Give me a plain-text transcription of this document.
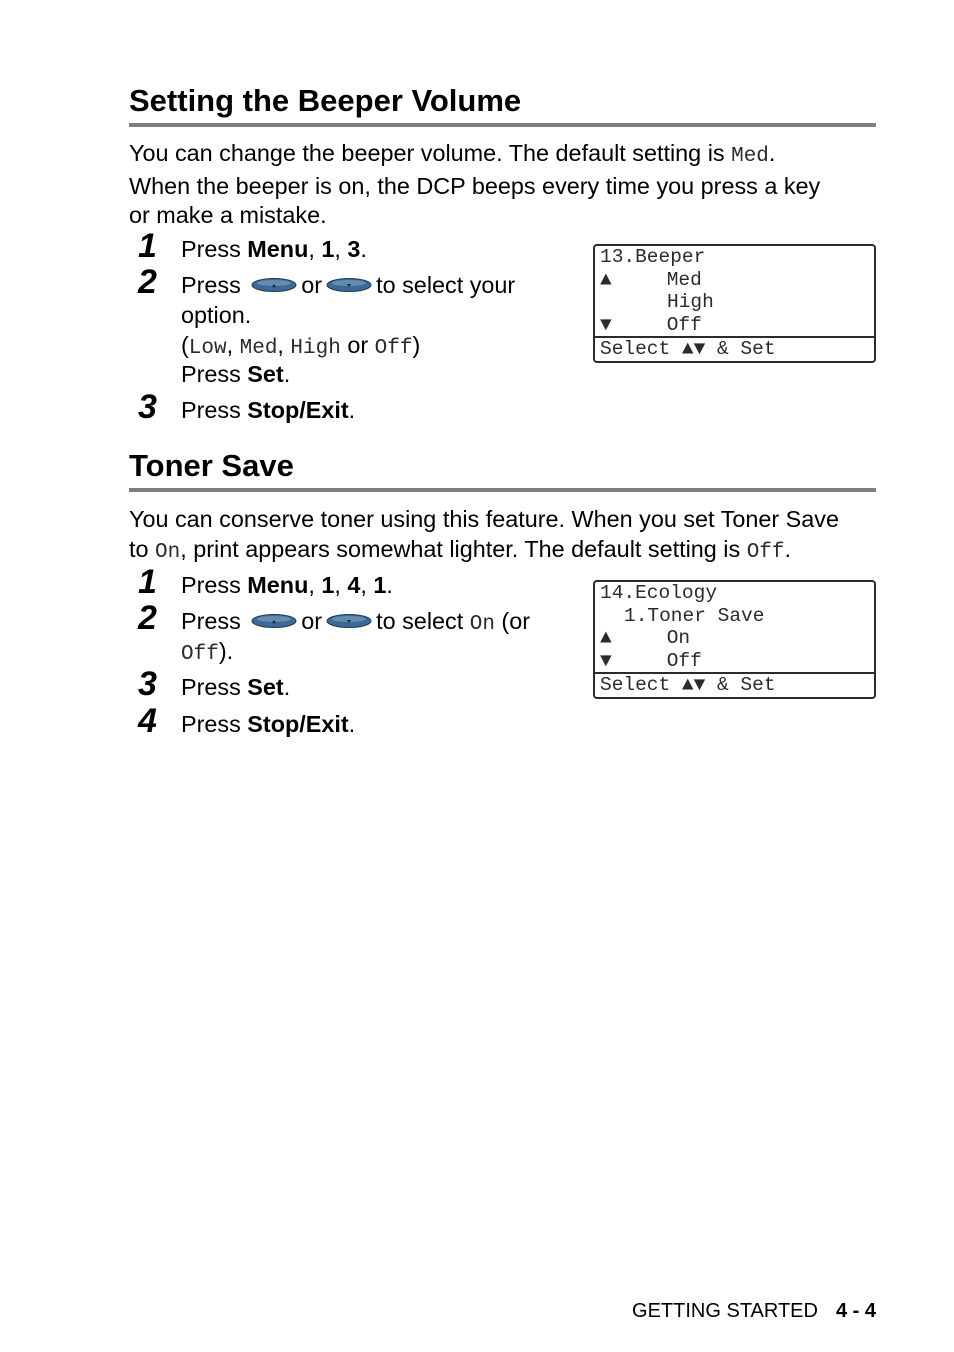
Setting the Beeper Volume

You can change the beeper volume. The default setting is Med.
When the beeper is on, the DCP beeps every time you press a key
or make a mistake.

1	Press Menu, 1, 3.
2	Press or to select your
option.
(Low, Med, High or Off)
Press Set.
3	Press Stop/Exit.
13.Beeper
▲	Med
High
▼	Off
Select ▲▼ & Set
Toner Save

You can conserve toner using this feature. When you set Toner Save
to On, print appears somewhat lighter. The default setting is Off.

1	Press Menu, 1, 4, 1.
2	Press or to select On (or
Off).
3	Press Set.
4	Press Stop/Exit.
14.Ecology
1.Toner Save
▲	On
▼	Off
Select ▲▼ & Set
GETTING STARTED 4 - 4
